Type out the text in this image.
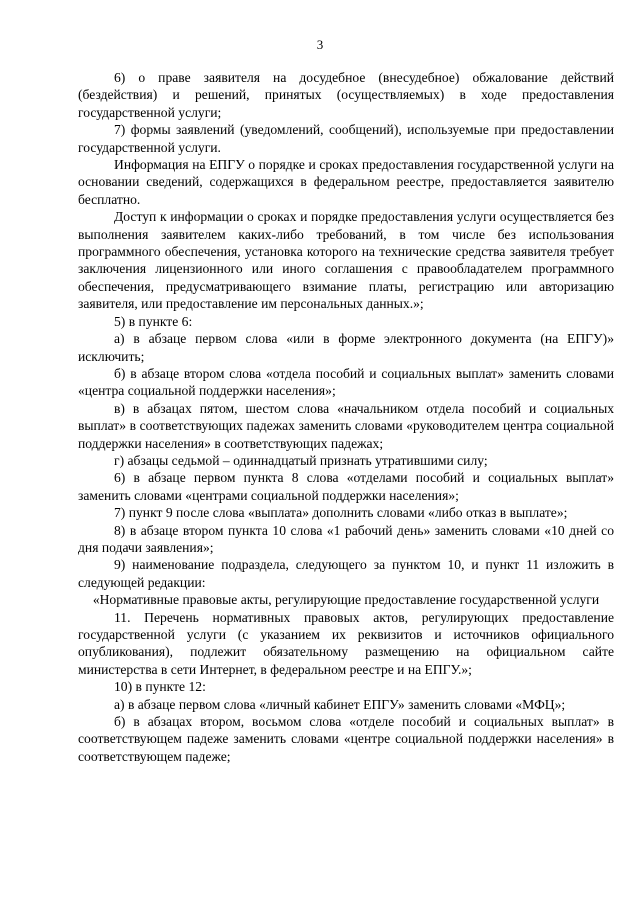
3

6) о праве заявителя на досудебное (внесудебное) обжалование действий (бездействия) и решений, принятых (осуществляемых) в ходе предоставления государственной услуги;

7) формы заявлений (уведомлений, сообщений), используемые при предоставлении государственной услуги.

Информация на ЕПГУ о порядке и сроках предоставления государственной услуги на основании сведений, содержащихся в федеральном реестре, предоставляется заявителю бесплатно.

Доступ к информации о сроках и порядке предоставления услуги осуществляется без выполнения заявителем каких-либо требований, в том числе без использования программного обеспечения, установка которого на технические средства заявителя требует заключения лицензионного или иного соглашения с правообладателем программного обеспечения, предусматривающего взимание платы, регистрацию или авторизацию заявителя, или предоставление им персональных данных.»;

5) в пункте 6:

а) в абзаце первом слова «или в форме электронного документа (на ЕПГУ)» исключить;

б) в абзаце втором слова «отдела пособий и социальных выплат» заменить словами «центра социальной поддержки населения»;

в) в абзацах пятом, шестом слова «начальником отдела пособий и социальных выплат» в соответствующих падежах заменить словами «руководителем центра социальной поддержки населения» в соответствующих падежах;

г) абзацы седьмой – одиннадцатый признать утратившими силу;

6) в абзаце первом пункта 8 слова «отделами пособий и социальных выплат» заменить словами «центрами социальной поддержки населения»;

7) пункт 9 после слова «выплата» дополнить словами «либо отказ в выплате»;

8) в абзаце втором пункта 10 слова «1 рабочий день» заменить словами «10 дней со дня подачи заявления»;

9) наименование подраздела, следующего за пунктом 10, и пункт 11 изложить в следующей редакции:

«Нормативные правовые акты, регулирующие предоставление государственной услуги

11. Перечень нормативных правовых актов, регулирующих предоставление государственной услуги (с указанием их реквизитов и источников официального опубликования), подлежит обязательному размещению на официальном сайте министерства в сети Интернет, в федеральном реестре и на ЕПГУ.»;

10) в пункте 12:

а) в абзаце первом слова «личный кабинет ЕПГУ» заменить словами «МФЦ»;

б) в абзацах втором, восьмом слова «отделе пособий и социальных выплат» в соответствующем падеже заменить словами «центре социальной поддержки населения» в соответствующем падеже;
